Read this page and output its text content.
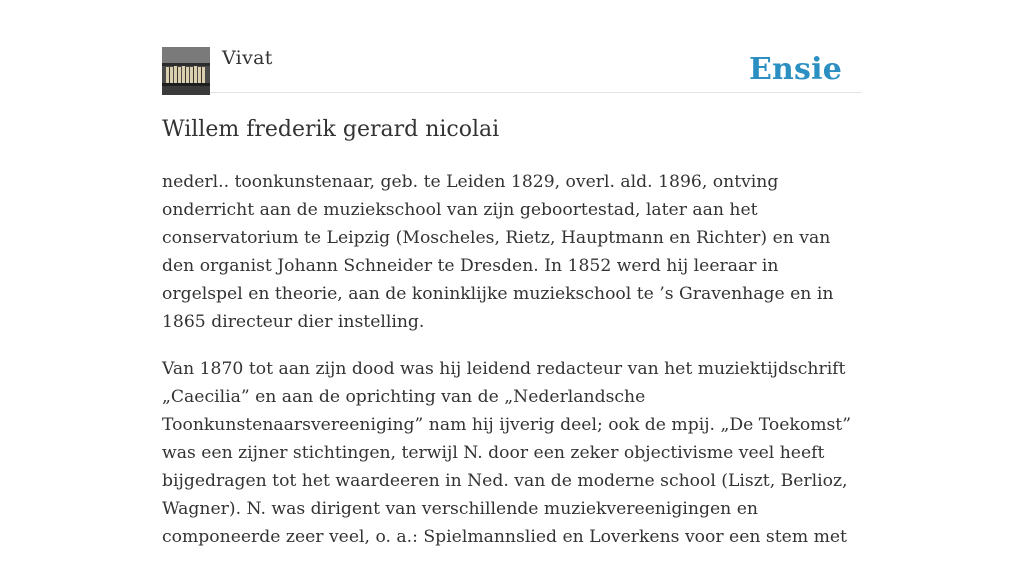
Vivat	Ensie
Willem frederik gerard nicolai

nederl.. toonkunstenaar, geb. te Leiden 1829, overl. ald. 1896, ontving onderricht aan de muziekschool van zijn geboortestad, later aan het conservatorium te Leipzig (Moscheles, Rietz, Hauptmann en Richter) en van den organist Johann Schneider te Dresden. In 1852 werd hij leeraar in orgelspel en theorie, aan de koninklijke muziekschool te ’s Gravenhage en in 1865 directeur dier instelling.

Van 1870 tot aan zijn dood was hij leidend redacteur van het muziektijdschrift „Caecilia” en aan de oprichting van de „Nederlandsche Toonkunstenaarsvereeniging” nam hij ijverig deel; ook de mpij. „De Toekomst” was een zijner stichtingen, terwijl N. door een zeker objectivisme veel heeft bijgedragen tot het waardeeren in Ned. van de moderne school (Liszt, Berlioz, Wagner). N. was dirigent van verschillende muziekvereenigingen en componeerde zeer veel, o. a.: Spielmannslied en Loverkens voor een stem met
